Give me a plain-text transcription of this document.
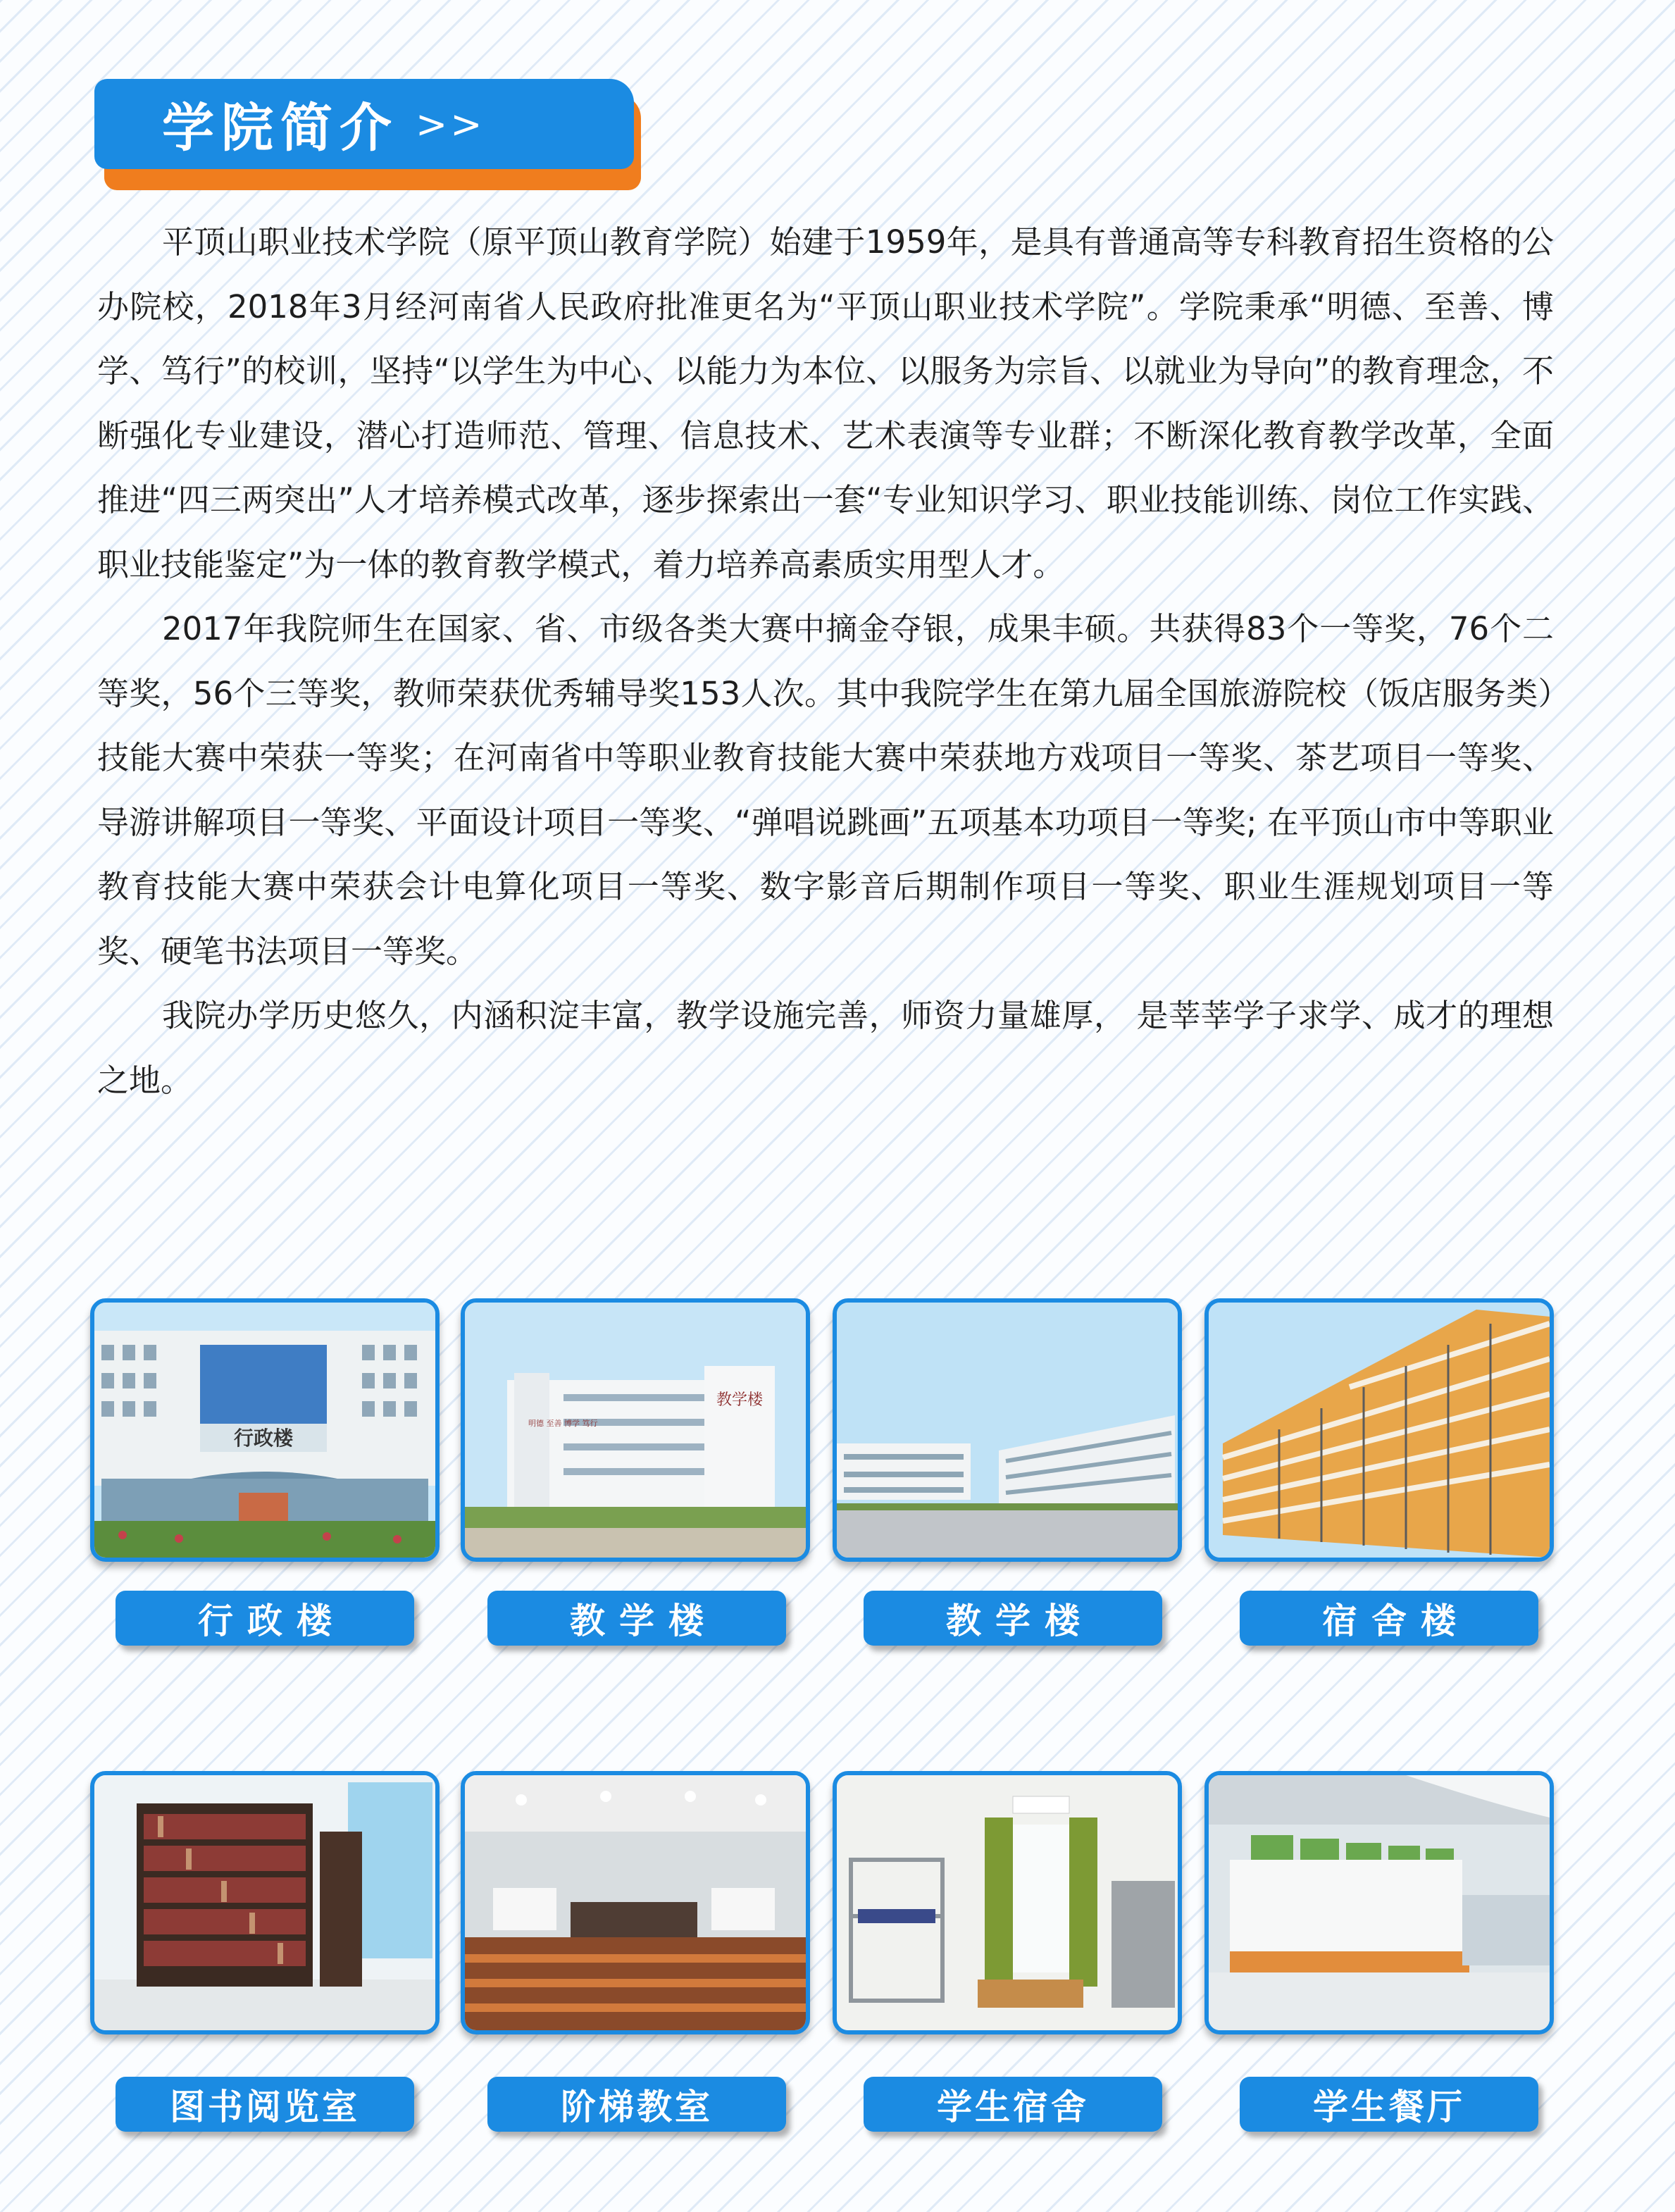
学院简介 >>

平顶山职业技术学院（原平顶山教育学院）始建于1959年，是具有普通高等专科教育招生资格的公办院校，2018年3月经河南省人民政府批准更名为“平顶山职业技术学院”。学院秉承“明德、至善、博学、笃行”的校训，坚持“以学生为中心、以能力为本位、以服务为宗旨、以就业为导向”的教育理念，不断强化专业建设，潜心打造师范、管理、信息技术、艺术表演等专业群；不断深化教育教学改革，全面推进“四三两突出”人才培养模式改革，逐步探索出一套“专业知识学习、职业技能训练、岗位工作实践、职业技能鉴定”为一体的教育教学模式，着力培养高素质实用型人才。

2017年我院师生在国家、省、市级各类大赛中摘金夺银，成果丰硕。共获得83个一等奖，76个二等奖，56个三等奖，教师荣获优秀辅导奖153人次。其中我院学生在第九届全国旅游院校（饭店服务类）技能大赛中荣获一等奖；在河南省中等职业教育技能大赛中荣获地方戏项目一等奖、茶艺项目一等奖、导游讲解项目一等奖、平面设计项目一等奖、“弹唱说跳画”五项基本功项目一等奖; 在平顶山市中等职业教育技能大赛中荣获会计电算化项目一等奖、数字影音后期制作项目一等奖、职业生涯规划项目一等奖、硬笔书法项目一等奖。

我院办学历史悠久，内涵积淀丰富，教学设施完善，师资力量雄厚， 是莘莘学子求学、成才的理想之地。

行政楼
行政楼
教学楼
明德 至善 博学 笃行
教学楼	教学楼	宿舍楼
图书阅览室	阶梯教室	学生宿舍	学生餐厅
